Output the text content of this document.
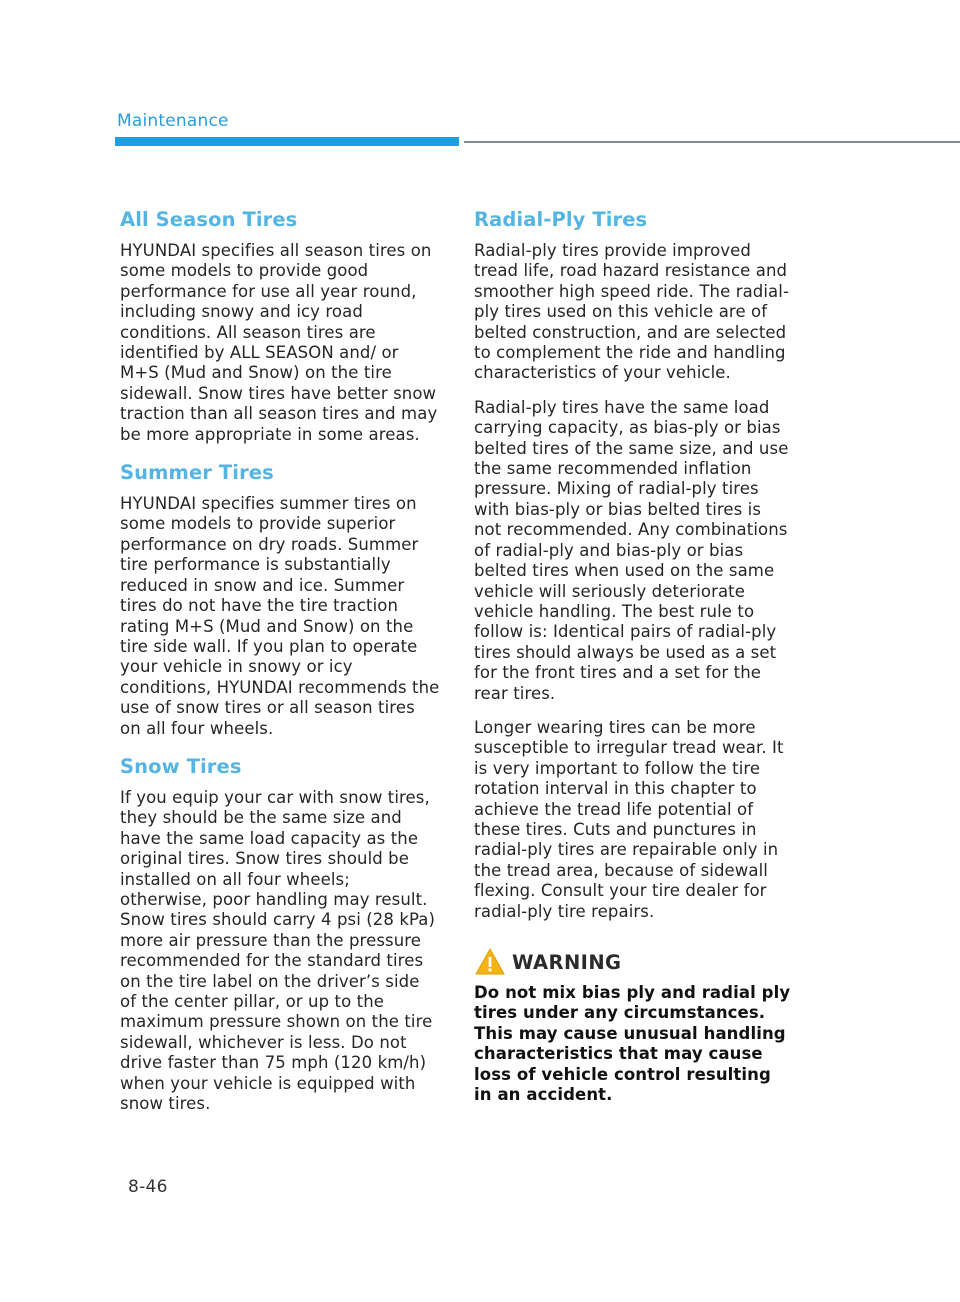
Maintenance
All Season Tires

HYUNDAI specifies all season tires on some models to provide good performance for use all year round, including snowy and icy road conditions. All season tires are identified by ALL SEASON and/ or M+S (Mud and Snow) on the tire sidewall. Snow tires have better snow traction than all season tires and may be more appropriate in some areas.

Summer Tires

HYUNDAI specifies summer tires on some models to provide superior performance on dry roads. Summer tire performance is substantially reduced in snow and ice. Summer tires do not have the tire traction rating M+S (Mud and Snow) on the tire side wall. If you plan to operate your vehicle in snowy or icy conditions, HYUNDAI recommends the use of snow tires or all season tires on all four wheels.

Snow Tires

If you equip your car with snow tires, they should be the same size and have the same load capacity as the original tires. Snow tires should be installed on all four wheels; otherwise, poor handling may result. Snow tires should carry 4 psi (28 kPa) more air pressure than the pressure recommended for the standard tires on the tire label on the driver’s side of the center pillar, or up to the maximum pressure shown on the tire sidewall, whichever is less. Do not drive faster than 75 mph (120 km/h) when your vehicle is equipped with snow tires.

Radial-Ply Tires

Radial-ply tires provide improved tread life, road hazard resistance and smoother high speed ride. The radial-ply tires used on this vehicle are of belted construction, and are selected to complement the ride and handling characteristics of your vehicle.

Radial-ply tires have the same load carrying capacity, as bias-ply or bias belted tires of the same size, and use the same recommended inflation pressure. Mixing of radial-ply tires with bias-ply or bias belted tires is not recommended. Any combinations of radial-ply and bias-ply or bias belted tires when used on the same vehicle will seriously deteriorate vehicle handling. The best rule to follow is: Identical pairs of radial-ply tires should always be used as a set for the front tires and a set for the rear tires.

Longer wearing tires can be more susceptible to irregular tread wear. It is very important to follow the tire rotation interval in this chapter to achieve the tread life potential of these tires. Cuts and punctures in radial-ply tires are repairable only in the tread area, because of sidewall flexing. Consult your tire dealer for radial-ply tire repairs.

WARNING

Do not mix bias ply and radial ply tires under any circumstances. This may cause unusual handling characteristics that may cause loss of vehicle control resulting in an accident.

8-46
